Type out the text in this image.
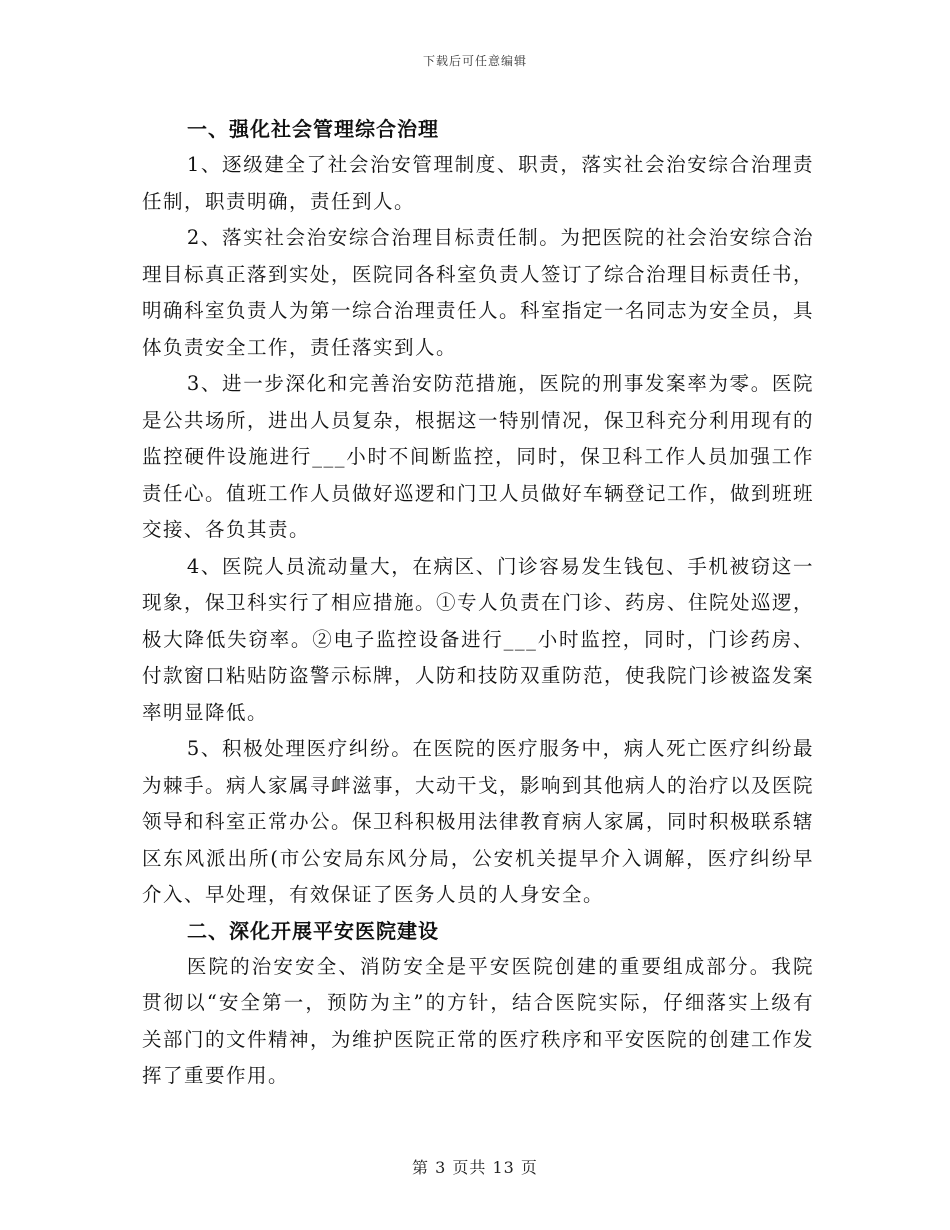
下载后可任意编辑

一、强化社会管理综合治理

1、逐级建全了社会治安管理制度、职责，落实社会治安综合治理责任制，职责明确，责任到人。

2、落实社会治安综合治理目标责任制。为把医院的社会治安综合治理目标真正落到实处，医院同各科室负责人签订了综合治理目标责任书，明确科室负责人为第一综合治理责任人。科室指定一名同志为安全员，具体负责安全工作，责任落实到人。

3、进一步深化和完善治安防范措施，医院的刑事发案率为零。医院是公共场所，进出人员复杂，根据这一特别情况，保卫科充分利用现有的监控硬件设施进行___小时不间断监控，同时，保卫科工作人员加强工作责任心。值班工作人员做好巡逻和门卫人员做好车辆登记工作，做到班班交接、各负其责。

4、医院人员流动量大，在病区、门诊容易发生钱包、手机被窃这一现象，保卫科实行了相应措施。①专人负责在门诊、药房、住院处巡逻，极大降低失窃率。②电子监控设备进行___小时监控，同时，门诊药房、付款窗口粘贴防盗警示标牌，人防和技防双重防范，使我院门诊被盗发案率明显降低。

5、积极处理医疗纠纷。在医院的医疗服务中，病人死亡医疗纠纷最为棘手。病人家属寻衅滋事，大动干戈，影响到其他病人的治疗以及医院领导和科室正常办公。保卫科积极用法律教育病人家属，同时积极联系辖区东风派出所(市公安局东风分局，公安机关提早介入调解，医疗纠纷早介入、早处理，有效保证了医务人员的人身安全。

二、深化开展平安医院建设

医院的治安安全、消防安全是平安医院创建的重要组成部分。我院贯彻以“安全第一，预防为主”的方针，结合医院实际，仔细落实上级有关部门的文件精神，为维护医院正常的医疗秩序和平安医院的创建工作发挥了重要作用。

第 3 页共 13 页
